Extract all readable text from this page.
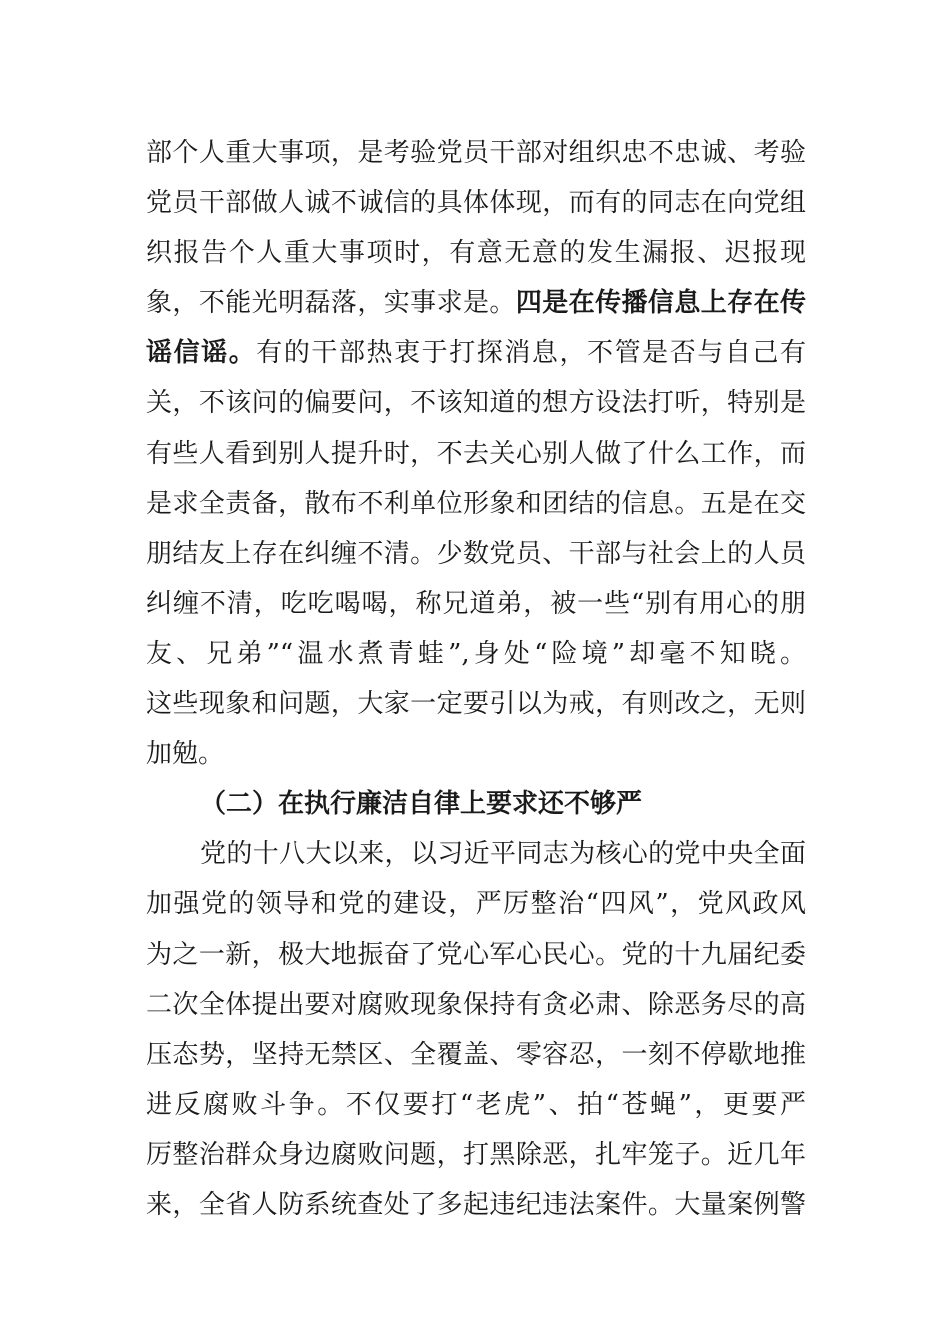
部个人重大事项，是考验党员干部对组织忠不忠诚、考验
党员干部做人诚不诚信的具体体现，而有的同志在向党组
织报告个人重大事项时，有意无意的发生漏报、迟报现
象，不能光明磊落，实事求是。四是在传播信息上存在传
谣信谣。有的干部热衷于打探消息，不管是否与自己有
关，不该问的偏要问，不该知道的想方设法打听，特别是
有些人看到别人提升时，不去关心别人做了什么工作，而
是求全责备，散布不利单位形象和团结的信息。五是在交
朋结友上存在纠缠不清。少数党员、干部与社会上的人员
纠缠不清，吃吃喝喝，称兄道弟，被一些“别有用心的朋
友、兄弟”“温水煮青蛙”,身处“险境”却毫不知晓。
这些现象和问题，大家一定要引以为戒，有则改之，无则
加勉。
（二）在执行廉洁自律上要求还不够严
党的十八大以来，以习近平同志为核心的党中央全面
加强党的领导和党的建设，严厉整治“四风”，党风政风
为之一新，极大地振奋了党心军心民心。党的十九届纪委
二次全体提出要对腐败现象保持有贪必肃、除恶务尽的高
压态势，坚持无禁区、全覆盖、零容忍，一刻不停歇地推
进反腐败斗争。不仅要打“老虎”、拍“苍蝇”，更要严
厉整治群众身边腐败问题，打黑除恶，扎牢笼子。近几年
来，全省人防系统查处了多起违纪违法案件。大量案例警
